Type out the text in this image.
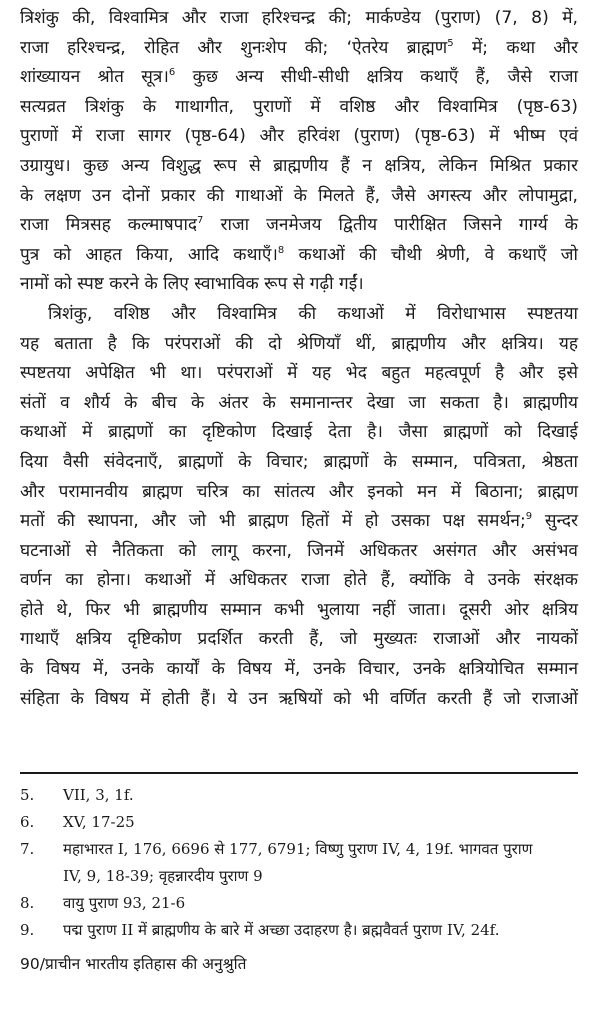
त्रिशंकु की, विश्वामित्र और राजा हरिश्चन्द्र की; मार्कण्डेय (पुराण) (7, 8) में,
राजा हरिश्चन्द्र, रोहित और शुनःशेप की; ‘ऐतरेय ब्राह्मण$^5$ में; कथा और
शांख्यायन श्रोत सूत्र।$^6$ कुछ अन्य सीधी-सीधी क्षत्रिय कथाएँ हैं, जैसे राजा
सत्यव्रत त्रिशंकु के गाथागीत, पुराणों में वशिष्ठ और विश्वामित्र (पृष्ठ-63)
पुराणों में राजा सागर (पृष्ठ-64) और हरिवंश (पुराण) (पृष्ठ-63) में भीष्म एवं
उग्रायुध। कुछ अन्य विशुद्ध रूप से ब्राह्मणीय हैं न क्षत्रिय, लेकिन मिश्रित प्रकार
के लक्षण उन दोनों प्रकार की गाथाओं के मिलते हैं, जैसे अगस्त्य और लोपामुद्रा,
राजा मित्रसह कल्माषपाद$^7$ राजा जनमेजय द्वितीय पारीक्षित जिसने गार्ग्य के
पुत्र को आहत किया, आदि कथाएँ।$^8$ कथाओं की चौथी श्रेणी, वे कथाएँ जो
नामों को स्पष्ट करने के लिए स्वाभाविक रूप से गढ़ी गईं।
त्रिशंकु, वशिष्ठ और विश्वामित्र की कथाओं में विरोधाभास स्पष्टतया
यह बताता है कि परंपराओं की दो श्रेणियाँ थीं, ब्राह्मणीय और क्षत्रिय। यह
स्पष्टतया अपेक्षित भी था। परंपराओं में यह भेद बहुत महत्वपूर्ण है और इसे
संतों व शौर्य के बीच के अंतर के समानान्तर देखा जा सकता है। ब्राह्मणीय
कथाओं में ब्राह्मणों का दृष्टिकोण दिखाई देता है। जैसा ब्राह्मणों को दिखाई
दिया वैसी संवेदनाएँ, ब्राह्मणों के विचार; ब्राह्मणों के सम्मान, पवित्रता, श्रेष्ठता
और परामानवीय ब्राह्मण चरित्र का सांतत्य और इनको मन में बिठाना; ब्राह्मण
मतों की स्थापना, और जो भी ब्राह्मण हितों में हो उसका पक्ष समर्थन;$^9$ सुन्दर
घटनाओं से नैतिकता को लागू करना, जिनमें अधिकतर असंगत और असंभव
वर्णन का होना। कथाओं में अधिकतर राजा होते हैं, क्योंकि वे उनके संरक्षक
होते थे, फिर भी ब्राह्मणीय सम्मान कभी भुलाया नहीं जाता। दूसरी ओर क्षत्रिय
गाथाएँ क्षत्रिय दृष्टिकोण प्रदर्शित करती हैं, जो मुख्यतः राजाओं और नायकों
के विषय में, उनके कार्यों के विषय में, उनके विचार, उनके क्षत्रियोचित सम्मान
संहिता के विषय में होती हैं। ये उन ऋषियों को भी वर्णित करती हैं जो राजाओं
5.	VII, 3, 1f.
6.	XV, 17-25
7.	महाभारत I, 176, 6696 से 177, 6791; विष्णु पुराण IV, 4, 19f. भागवत पुराण
IV, 9, 18-39; वृहन्नारदीय पुराण 9
8.	वायु पुराण 93, 21-6
9.	पद्म पुराण II में ब्राह्मणीय के बारे में अच्छा उदाहरण है। ब्रह्मवैवर्त पुराण IV, 24f.
90/प्राचीन भारतीय इतिहास की अनुश्रुति
